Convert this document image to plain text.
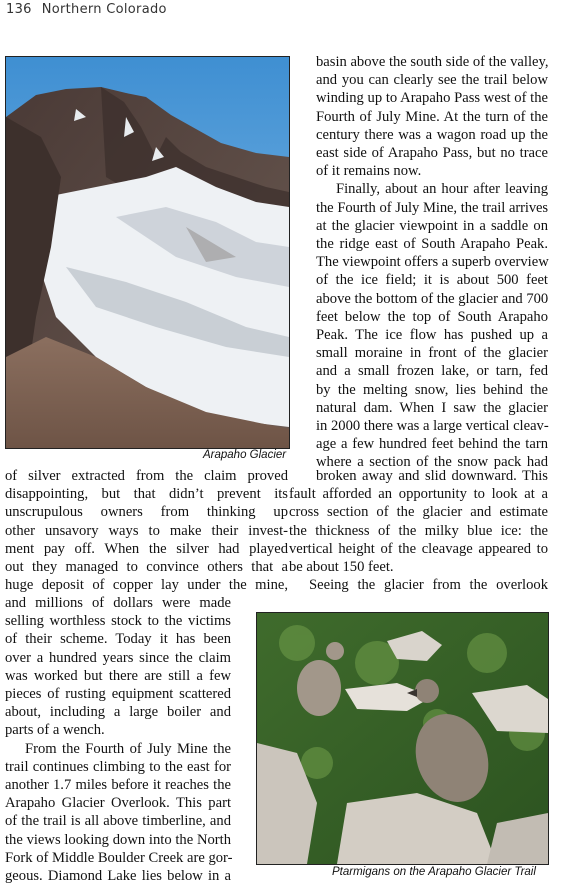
136 Northern Colorado
Arapaho Glacier
Ptarmigans on the Arapaho Glacier Trail
of silver extracted from the claim proved
disappointing, but that didn’t prevent its
unscrupulous owners from thinking up
other unsavory ways to make their invest-
ment pay off. When the silver had played
out they managed to convince others that a
huge deposit of copper lay under the mine,
and millions of dollars were made
selling worthless stock to the victims
of their scheme. Today it has been
over a hundred years since the claim
was worked but there are still a few
pieces of rusting equipment scattered
about, including a large boiler and
parts of a wench.
From the Fourth of July Mine the
trail continues climbing to the east for
another 1.7 miles before it reaches the
Arapaho Glacier Overlook. This part
of the trail is all above timberline, and
the views looking down into the North
Fork of Middle Boulder Creek are gor-
geous. Diamond Lake lies below in a
basin above the south side of the valley,
and you can clearly see the trail below
winding up to Arapaho Pass west of the
Fourth of July Mine. At the turn of the
century there was a wagon road up the
east side of Arapaho Pass, but no trace
of it remains now.
Finally, about an hour after leaving
the Fourth of July Mine, the trail arrives
at the glacier viewpoint in a saddle on
the ridge east of South Arapaho Peak.
The viewpoint offers a superb overview
of the ice field; it is about 500 feet
above the bottom of the glacier and 700
feet below the top of South Arapaho
Peak. The ice flow has pushed up a
small moraine in front of the glacier
and a small frozen lake, or tarn, fed
by the melting snow, lies behind the
natural dam. When I saw the glacier
in 2000 there was a large vertical cleav-
age a few hundred feet behind the tarn
where a section of the snow pack had
broken away and slid downward. This
fault afforded an opportunity to look at a
cross section of the glacier and estimate
the thickness of the milky blue ice: the
vertical height of the cleavage appeared to
be about 150 feet.
Seeing the glacier from the overlook
